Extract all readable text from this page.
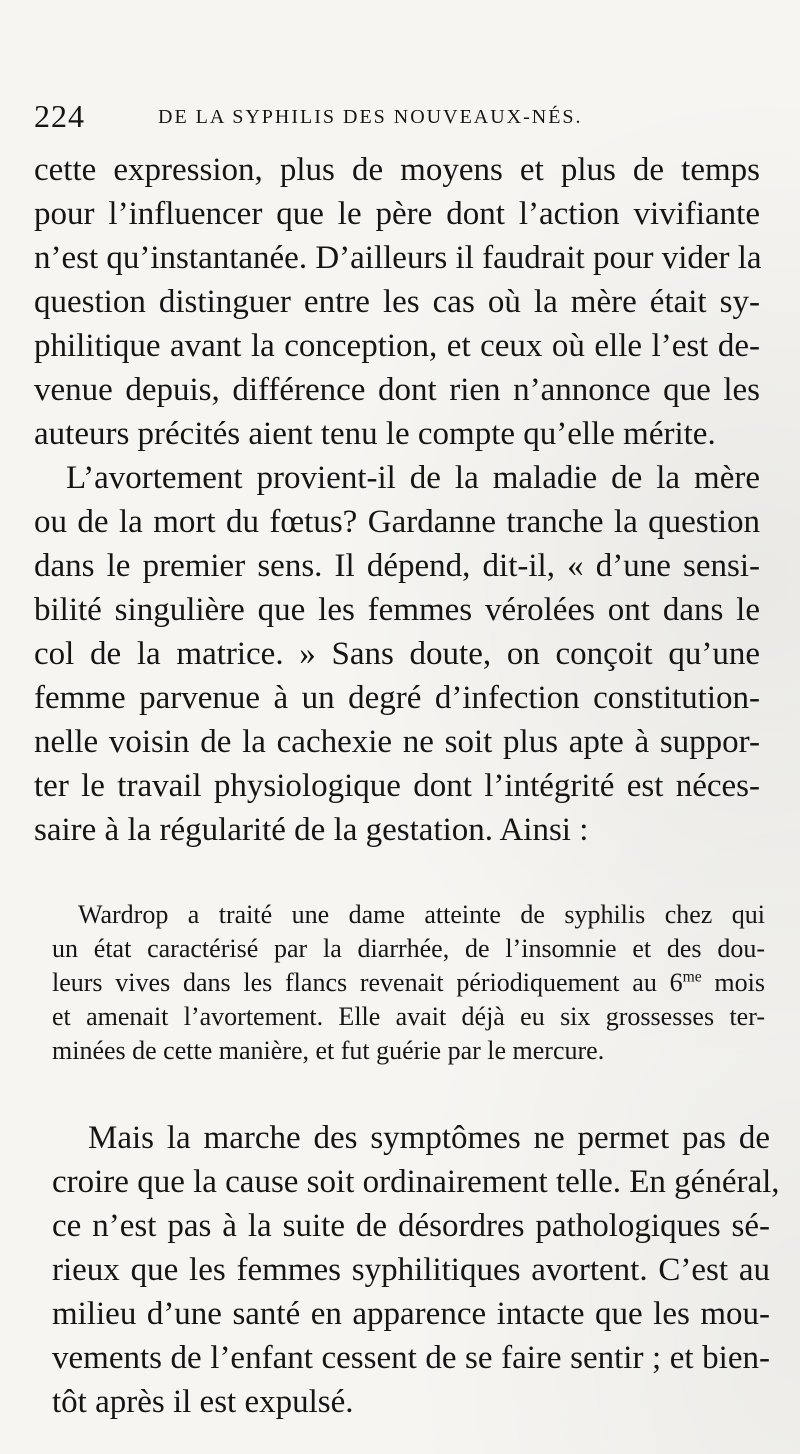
224	DE LA SYPHILIS DES NOUVEAUX-NÉS.
cette expression, plus de moyens et plus de temps
pour l’influencer que le père dont l’action vivifiante
n’est qu’instantanée. D’ailleurs il faudrait pour vider la
question distinguer entre les cas où la mère était sy-
philitique avant la conception, et ceux où elle l’est de-
venue depuis, différence dont rien n’annonce que les
auteurs précités aient tenu le compte qu’elle mérite.
L’avortement provient-il de la maladie de la mère
ou de la mort du fœtus? Gardanne tranche la question
dans le premier sens. Il dépend, dit-il, « d’une sensi-
bilité singulière que les femmes vérolées ont dans le
col de la matrice. » Sans doute, on conçoit qu’une
femme parvenue à un degré d’infection constitution-
nelle voisin de la cachexie ne soit plus apte à suppor-
ter le travail physiologique dont l’intégrité est néces-
saire à la régularité de la gestation. Ainsi :
Wardrop a traité une dame atteinte de syphilis chez qui
un état caractérisé par la diarrhée, de l’insomnie et des dou-
leurs vives dans les flancs revenait périodiquement au $6^{me}$ mois
et amenait l’avortement. Elle avait déjà eu six grossesses ter-
minées de cette manière, et fut guérie par le mercure.
Mais la marche des symptômes ne permet pas de
croire que la cause soit ordinairement telle. En général,
ce n’est pas à la suite de désordres pathologiques sé-
rieux que les femmes syphilitiques avortent. C’est au
milieu d’une santé en apparence intacte que les mou-
vements de l’enfant cessent de se faire sentir ; et bien-
tôt après il est expulsé.
